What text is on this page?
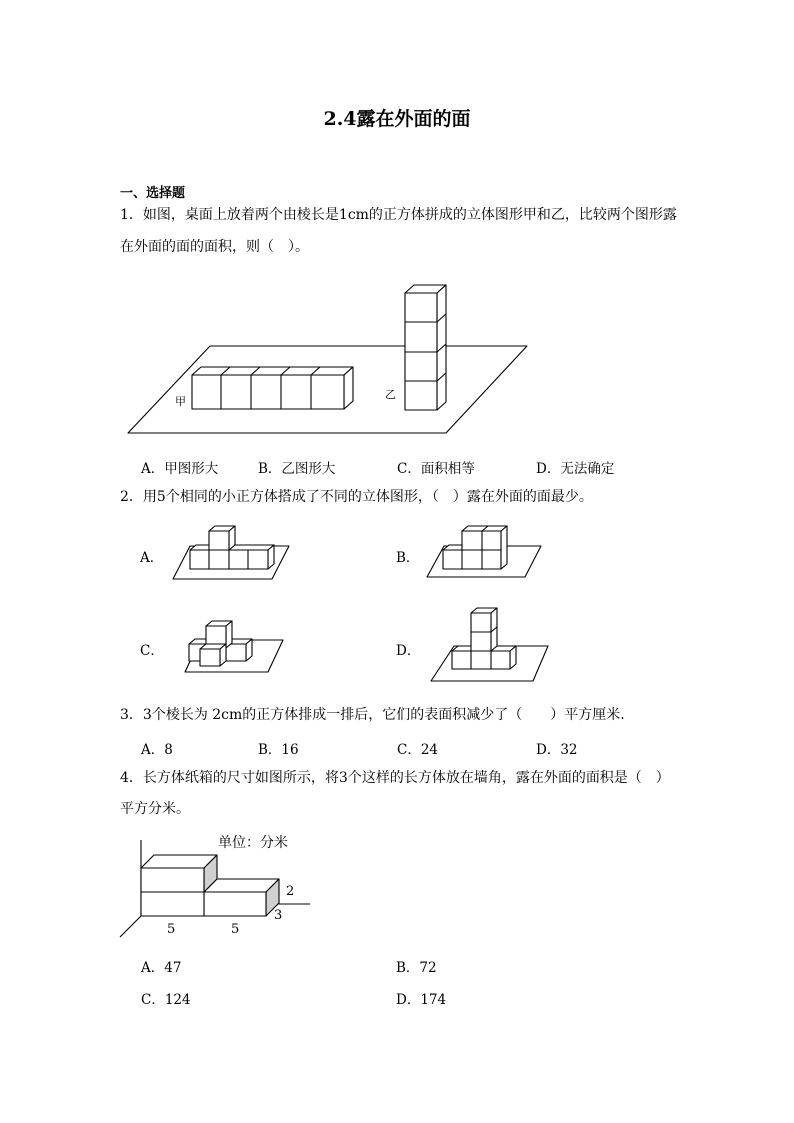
2.4露在外面的面
一、选择题
1．如图，桌面上放着两个由棱长是1cm的正方体拼成的立体图形甲和乙，比较两个图形露
在外面的面的面积，则（　）。
甲
乙
A．甲图形大	B．乙图形大	C．面积相等	D．无法确定
2．用5个相同的小正方体搭成了不同的立体图形，（　）露在外面的面最少。
A．	B．
C．	D．
3．3个棱长为 2cm的正方体排成一排后，它们的表面积减少了（　　）平方厘米.
A．8	B．16	C．24	D．32
4．长方体纸箱的尺寸如图所示，将3个这样的长方体放在墙角，露在外面的面积是（　）
平方分米。
单位：分米
2
3
5	5
A．47	B．72
C．124	D．174
